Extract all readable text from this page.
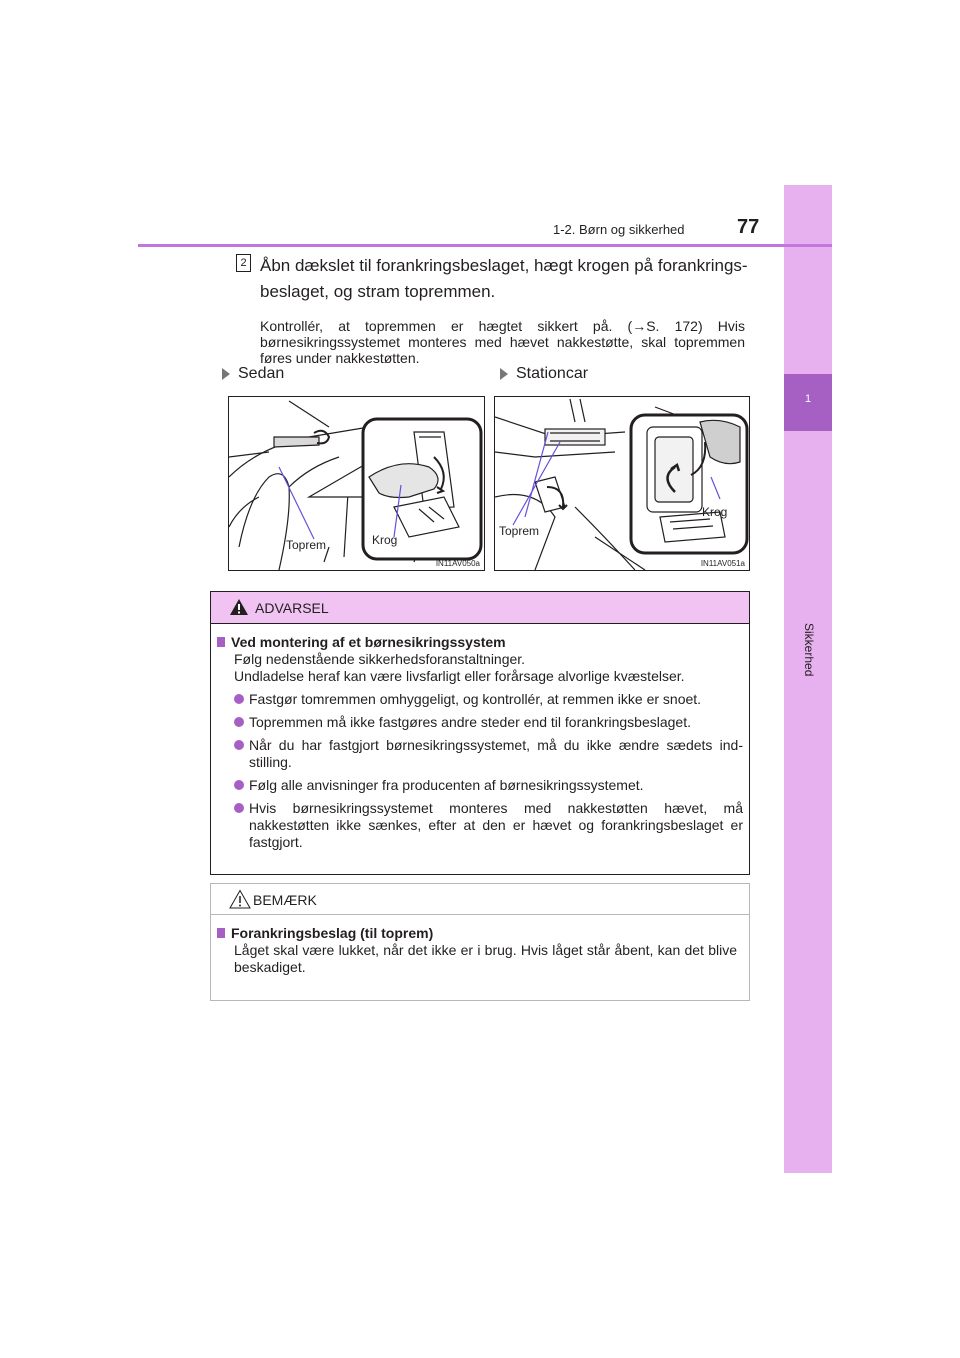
1
Sikkerhed
1-2. Børn og sikkerhed	77
2 Åbn dækslet til forankringsbeslaget, hægt krogen på forankrings-beslaget, og stram topremmen.
Kontrollér, at topremmen er hægtet sikkert på. (→S. 172) Hvis børnesikringssystemet monteres med hævet nakkestøtte, skal topremmen føres under nakkestøtten.
Sedan	Stationcar
Toprem	Krog
IN11AV050a
Toprem
Krog
IN11AV051a
ADVARSEL
Ved montering af et børnesikringssystem
Følg nedenstående sikkerhedsforanstaltninger.
Undladelse heraf kan være livsfarligt eller forårsage alvorlige kvæstelser.
Fastgør tomremmen omhyggeligt, og kontrollér, at remmen ikke er snoet.
Topremmen må ikke fastgøres andre steder end til forankringsbeslaget.
Når du har fastgjort børnesikringssystemet, må du ikke ændre sædets ind-stilling.
Følg alle anvisninger fra producenten af børnesikringssystemet.
Hvis børnesikringssystemet monteres med nakkestøtten hævet, må nakkestøtten ikke sænkes, efter at den er hævet og forankringsbeslaget er fastgjort.
BEMÆRK
Forankringsbeslag (til toprem)
Låget skal være lukket, når det ikke er i brug. Hvis låget står åbent, kan det blive beskadiget.
